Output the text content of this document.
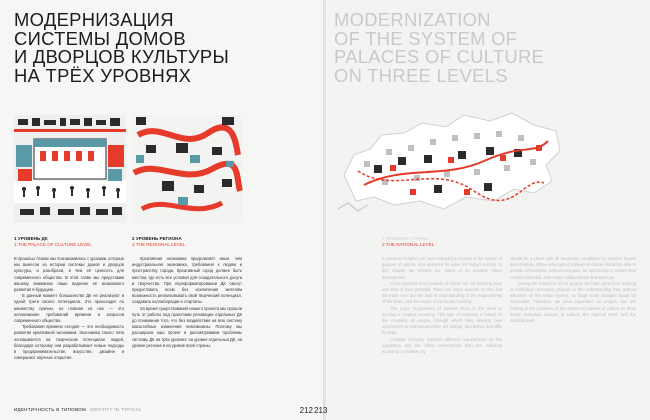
МОДЕРНИЗАЦИЯ
СИСТЕМЫ ДОМОВ
И ДВОРЦОВ КУЛЬТУРЫ
НА ТРЁХ УРОВНЯХ
1 УРОВЕНЬ ДК
1 THE PALACE OF CULTURE LEVEL
2 УРОВЕНЬ РЕГИОНА
2 THE REGIONAL LEVEL

В прошлых главах мы познакомились с уроками, которые мы вынесли из истории системы домов и дворцов культуры, и разобрали, в чём её ценность для современного общества. В этой главе мы представим вашему вниманию наше видение её возможного развития в будущем.

В данный момент большинство ДК не реализуют и одной трети своего потенциала. Это происходит по множеству причин, но главная из них — это непонимание требований времени и запросов современного общества.

Требования времени сегодня — это необходимость развития креативной экономики. Экономика такого типа основывается на творческом потенциале людей, благодаря которому они разрабатывают новые подходы в предпринимательстве, искусстве, дизайне и совершают научные открытия.

Креативная экономика предъявляет иные, чем индустриальная экономика, требования к людям и пространству города. Креативный город должен быть местом, где есть все условия для созидательного досуга и творчества. При переформатировании ДК смогут предоставить всем без исключения жителям возможность реализовывать свой творческий потенциал, создавать коллаборации и стартапы.

За время существования нашего проекта мы прошли путь от работы над проектами реновации отдельных ДК до понимания того, что без воздействия на всю систему масштабные изменения невозможны. Поэтому мы расширили наш проект и рассматриваем проблемы системы ДК на трёх уровнях: на уровне отдельных ДК, на уровне региона и на уровне всей страны.

ИДЕНТИЧНОСТЬ В ТИПОВОМ IDENTITY IN TYPICAL	212 213
MODERNIZATION
OF THE SYSTEM OF
PALACES OF CULTURE
ON THREE LEVELS
3 УРОВЕНЬ СТРАНЫ
3 THE NATIONAL LEVEL

In previous chapters we have learned the lessons of the system of palaces of culture, and analyzed its value for today's society. In this chapter we present our vision of its possible future development.

At the moment, most palaces of culture are not realizing even one third of their potential. There are many reasons for this, but the main ones are the lack of understanding of the requirements of the times, and the needs of the modern society.

The major requirement of present times is the need to develop a creative economy. This type of economy is based on the creativity of people, through which they develop new approaches to entrepreneurship, art, design, and deliver scientific findings.

Creative economy imposes different requirements on the population and the urban environment than the industrial economy. A creative city

should be a place with all necessary conditions for creative leisure and creativity. When reformatted, palaces of culture should be able to provide all residents, without exception, an opportunity to realize their creative potential, and create collaborations and start-ups.

During the existence of our project, we have gone from working on individual renovation projects to the understanding that, without influence on the entire system, no large scale changes would be impossible. Therefore, we have expanded our project, and are looking at the problems of the system of palaces of culture on three levels: individual palaces of culture, the regional level, and the national level.
